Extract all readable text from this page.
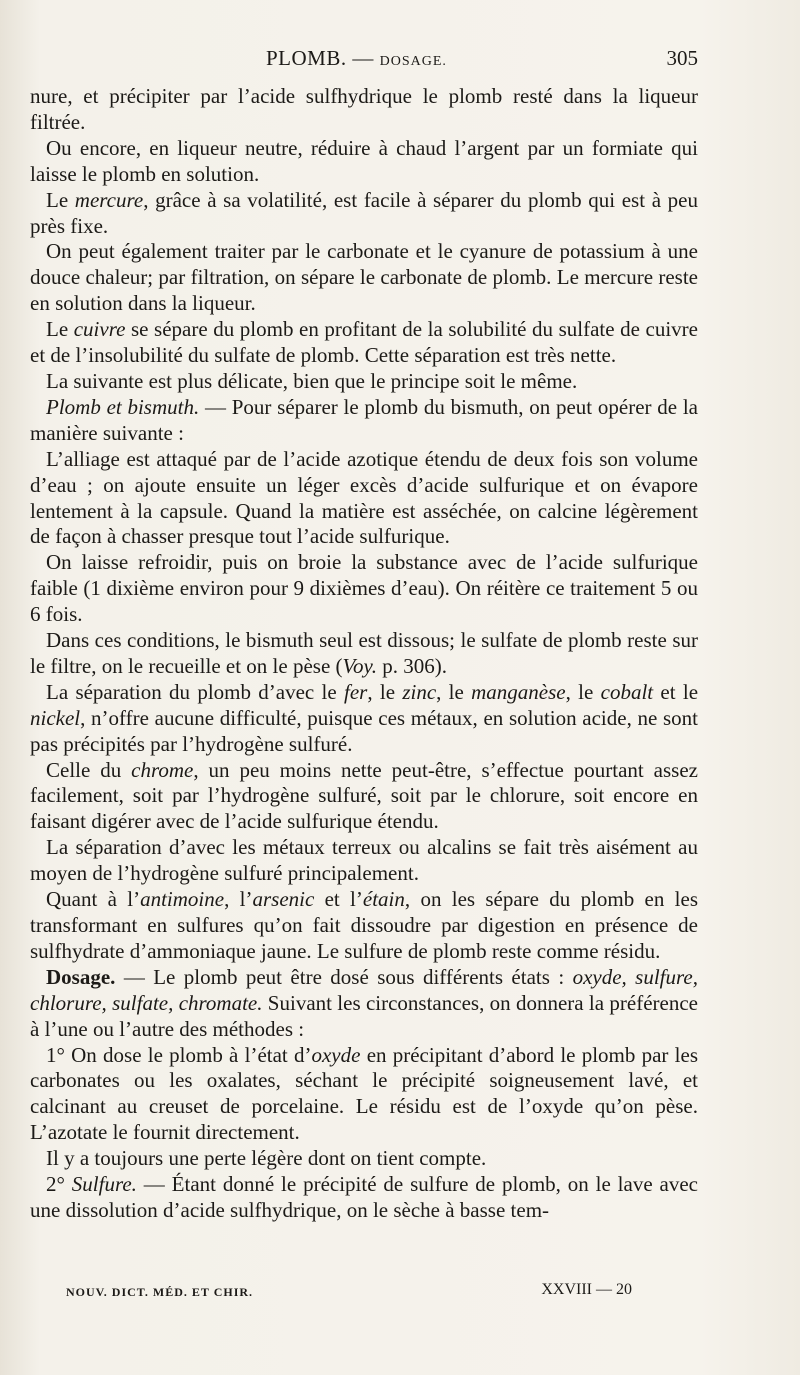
PLOMB. — DOSAGE.	305

nure, et précipiter par l’acide sulfhydrique le plomb resté dans la liqueur filtrée.

Ou encore, en liqueur neutre, réduire à chaud l’argent par un formiate qui laisse le plomb en solution.

Le mercure, grâce à sa volatilité, est facile à séparer du plomb qui est à peu près fixe.

On peut également traiter par le carbonate et le cyanure de potassium à une douce chaleur; par filtration, on sépare le carbonate de plomb. Le mercure reste en solution dans la liqueur.

Le cuivre se sépare du plomb en profitant de la solubilité du sulfate de cuivre et de l’insolubilité du sulfate de plomb. Cette séparation est très nette.

La suivante est plus délicate, bien que le principe soit le même.

Plomb et bismuth. — Pour séparer le plomb du bismuth, on peut opérer de la manière suivante :

L’alliage est attaqué par de l’acide azotique étendu de deux fois son volume d’eau ; on ajoute ensuite un léger excès d’acide sulfurique et on évapore lentement à la capsule. Quand la matière est asséchée, on calcine légèrement de façon à chasser presque tout l’acide sulfurique.

On laisse refroidir, puis on broie la substance avec de l’acide sulfurique faible (1 dixième environ pour 9 dixièmes d’eau). On réitère ce traitement 5 ou 6 fois.

Dans ces conditions, le bismuth seul est dissous; le sulfate de plomb reste sur le filtre, on le recueille et on le pèse (Voy. p. 306).

La séparation du plomb d’avec le fer, le zinc, le manganèse, le cobalt et le nickel, n’offre aucune difficulté, puisque ces métaux, en solution acide, ne sont pas précipités par l’hydrogène sulfuré.

Celle du chrome, un peu moins nette peut-être, s’effectue pourtant assez facilement, soit par l’hydrogène sulfuré, soit par le chlorure, soit encore en faisant digérer avec de l’acide sulfurique étendu.

La séparation d’avec les métaux terreux ou alcalins se fait très aisément au moyen de l’hydrogène sulfuré principalement.

Quant à l’antimoine, l’arsenic et l’étain, on les sépare du plomb en les transformant en sulfures qu’on fait dissoudre par digestion en présence de sulfhydrate d’ammoniaque jaune. Le sulfure de plomb reste comme résidu.

Dosage. — Le plomb peut être dosé sous différents états : oxyde, sulfure, chlorure, sulfate, chromate. Suivant les circonstances, on donnera la préférence à l’une ou l’autre des méthodes :

1° On dose le plomb à l’état d’oxyde en précipitant d’abord le plomb par les carbonates ou les oxalates, séchant le précipité soigneusement lavé, et calcinant au creuset de porcelaine. Le résidu est de l’oxyde qu’on pèse. L’azotate le fournit directement.

Il y a toujours une perte légère dont on tient compte.

2° Sulfure. — Étant donné le précipité de sulfure de plomb, on le lave avec une dissolution d’acide sulfhydrique, on le sèche à basse tem-

NOUV. DICT. MÉD. ET CHIR.	XXVIII — 20
